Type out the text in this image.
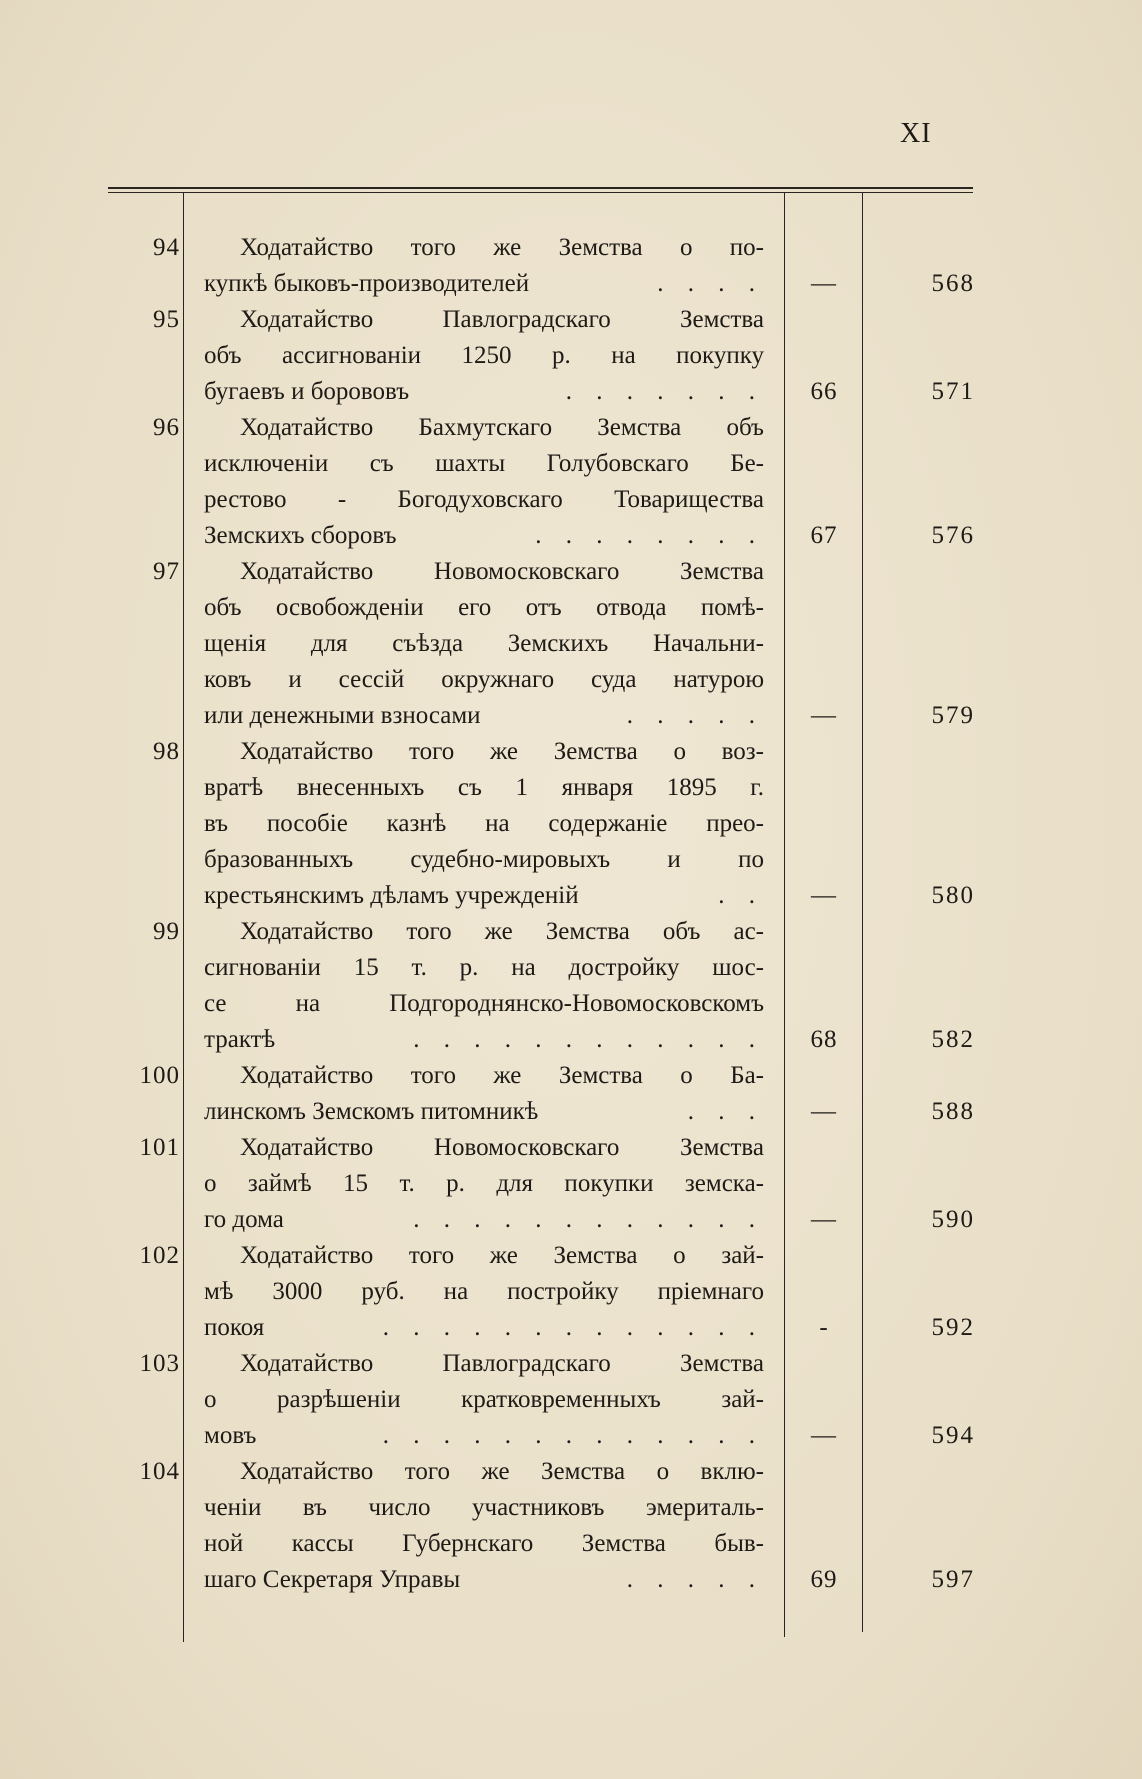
XI
94 Ходатайство того же Земства о по-
купкѣ быковъ-производителей	. . . .	—	568
95 Ходатайство Павлоградскаго Земства
объ ассигнованіи 1250 р. на покупку
бугаевъ и борововъ	. . . . . . .	66	571
96 Ходатайство Бахмутскаго Земства объ
исключеніи съ шахты Голубовскаго Бе-
рестово - Богодуховскаго Товарищества
Земскихъ сборовъ	. . . . . . . .	67	576
97 Ходатайство Новомосковскаго Земства
объ освобожденіи его отъ отвода помѣ-
щенія для съѣзда Земскихъ Начальни-
ковъ и сессій окружнаго суда натурою
или денежными взносами	. . . . .	—	579
98 Ходатайство того же Земства о воз-
вратѣ внесенныхъ съ 1 января 1895 г.
въ пособіе казнѣ на содержаніе прео-
бразованныхъ судебно-мировыхъ и по
крестьянскимъ дѣламъ учрежденій	. .	—	580
99 Ходатайство того же Земства объ ас-
сигнованіи 15 т. р. на достройку шос-
се на Подгороднянско-Новомосковскомъ
трактѣ	. . . . . . . . . . . .	68	582
100 Ходатайство того же Земства о Ба-
линскомъ Земскомъ питомникѣ	. . .	—	588
101 Ходатайство Новомосковскаго Земства
о займѣ 15 т. р. для покупки земска-
го дома	. . . . . . . . . . . .	—	590
102 Ходатайство того же Земства о зай-
мѣ 3000 руб. на постройку пріемнаго
покоя	. . . . . . . . . . . . .	-	592
103 Ходатайство Павлоградскаго Земства
о разрѣшеніи кратковременныхъ зай-
мовъ	. . . . . . . . . . . . .	—	594
104 Ходатайство того же Земства о вклю-
ченіи въ число участниковъ эмериталь-
ной кассы Губернскаго Земства быв-
шаго Секретаря Управы	. . . . .	69	597
